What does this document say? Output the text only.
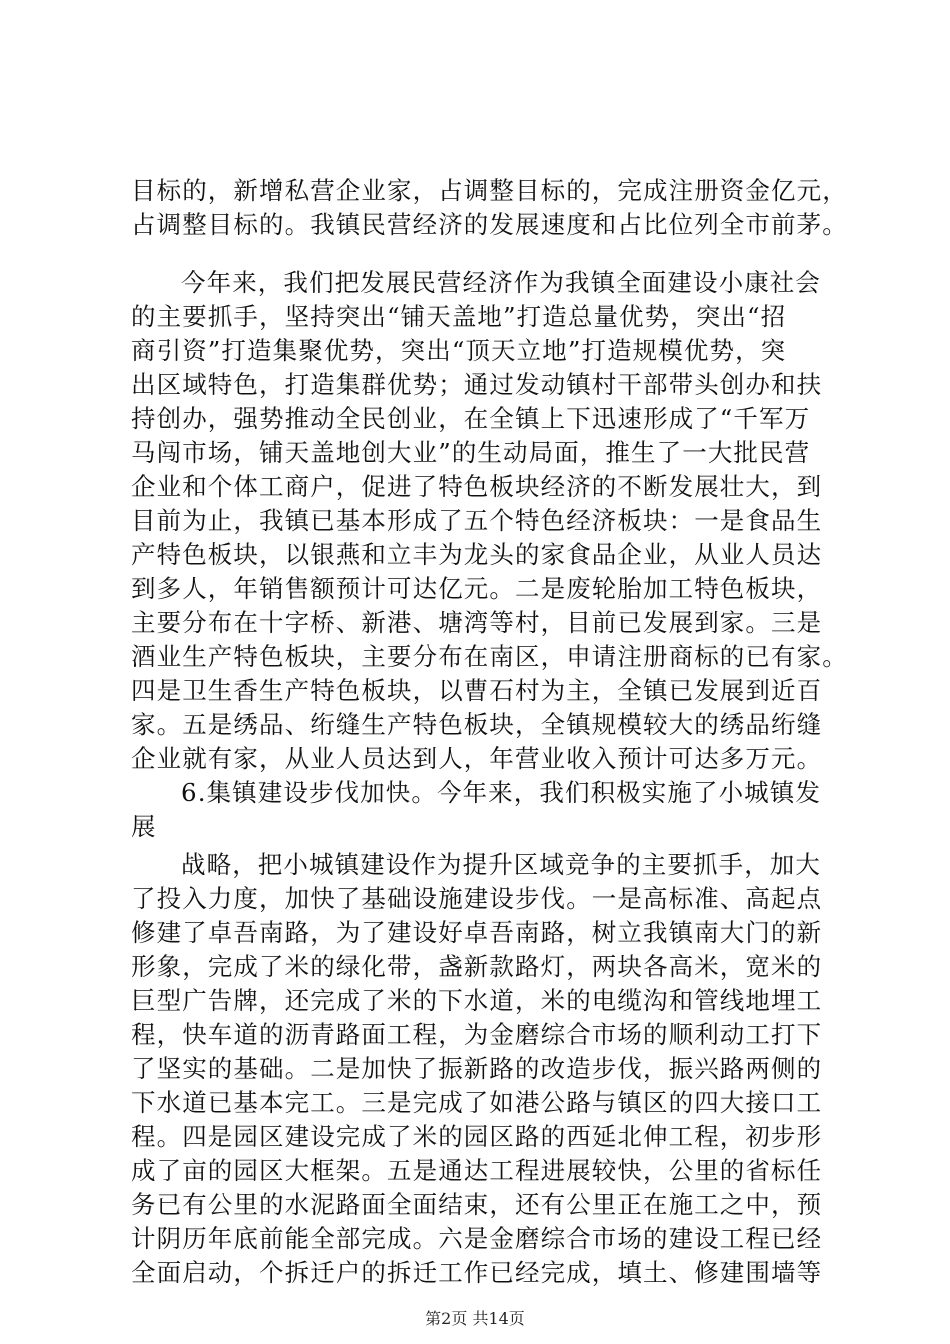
目标的，新增私营企业家，占调整目标的，完成注册资金亿元，
占调整目标的。我镇民营经济的发展速度和占比位列全市前茅。
今年来，我们把发展民营经济作为我镇全面建设小康社会
的主要抓手，坚持突出“铺天盖地”打造总量优势，突出“招
商引资”打造集聚优势，突出“顶天立地”打造规模优势，突
出区域特色，打造集群优势；通过发动镇村干部带头创办和扶
持创办，强势推动全民创业，在全镇上下迅速形成了“千军万
马闯市场，铺天盖地创大业”的生动局面，推生了一大批民营
企业和个体工商户，促进了特色板块经济的不断发展壮大，到
目前为止，我镇已基本形成了五个特色经济板块：一是食品生
产特色板块，以银燕和立丰为龙头的家食品企业，从业人员达
到多人，年销售额预计可达亿元。二是废轮胎加工特色板块，
主要分布在十字桥、新港、塘湾等村，目前已发展到家。三是
酒业生产特色板块，主要分布在南区，申请注册商标的已有家。
四是卫生香生产特色板块，以曹石村为主，全镇已发展到近百
家。五是绣品、绗缝生产特色板块，全镇规模较大的绣品绗缝
企业就有家，从业人员达到人，年营业收入预计可达多万元。
6.集镇建设步伐加快。今年来，我们积极实施了小城镇发
展
战略，把小城镇建设作为提升区域竞争的主要抓手，加大
了投入力度，加快了基础设施建设步伐。一是高标准、高起点
修建了卓吾南路，为了建设好卓吾南路，树立我镇南大门的新
形象，完成了米的绿化带，盏新款路灯，两块各高米，宽米的
巨型广告牌，还完成了米的下水道，米的电缆沟和管线地埋工
程，快车道的沥青路面工程，为金磨综合市场的顺利动工打下
了坚实的基础。二是加快了振新路的改造步伐，振兴路两侧的
下水道已基本完工。三是完成了如港公路与镇区的四大接口工
程。四是园区建设完成了米的园区路的西延北伸工程，初步形
成了亩的园区大框架。五是通达工程进展较快，公里的省标任
务已有公里的水泥路面全面结束，还有公里正在施工之中，预
计阴历年底前能全部完成。六是金磨综合市场的建设工程已经
全面启动，个拆迁户的拆迁工作已经完成，填土、修建围墙等
第2页 共14页
